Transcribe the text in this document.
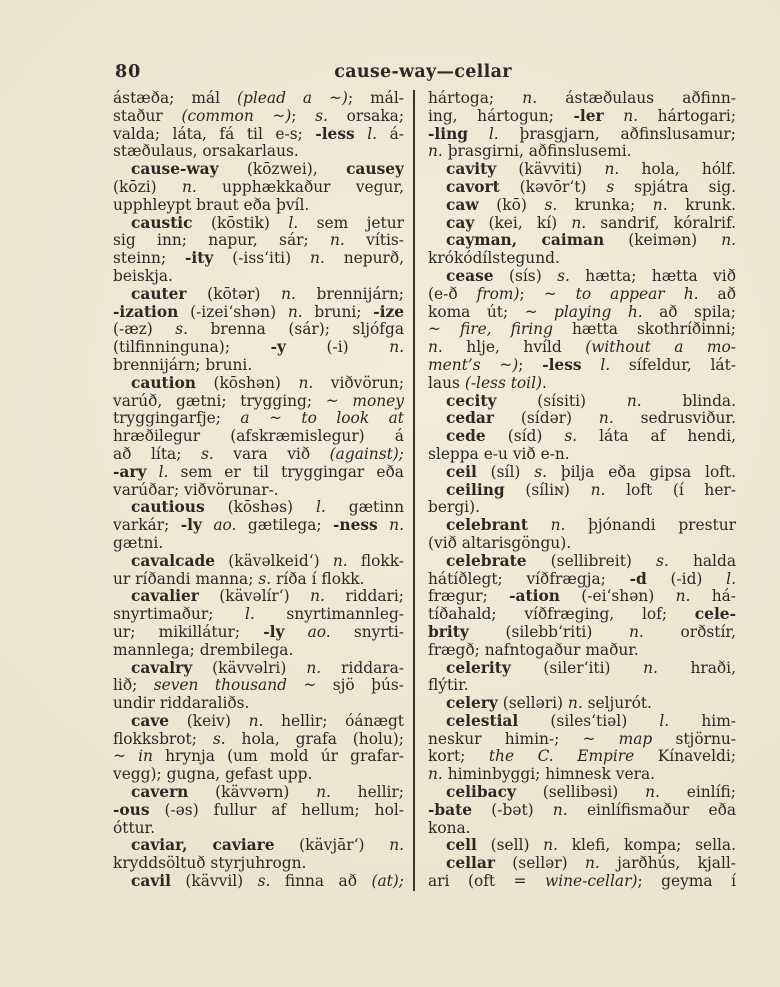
80	cause-way—cellar
ástæða; mál (plead a ~); mál-
staður (common ~); s. orsaka;
valda; láta, fá til e-s; -less l. á-
stæðulaus, orsakarlaus.
cause-way (kōzwei), causey
(kōzi) n. upphækkaður vegur,
upphleypt braut eða þvíl.
caustic (kōstik) l. sem jetur
sig inn; napur, sár; n. vítis-
steinn; -ity (-iss‘iti) n. nepurð,
beiskja.
cauter (kōtər) n. brennijárn;
-ization (-izei‘shən) n. bruni; -ize
(-æz) s. brenna (sár); sljófga
(tilfinninguna); -y (-i) n.
brennijárn; bruni.
caution (kōshən) n. viðvörun;
varúð, gætni; trygging; ~ money
tryggingarfje; a ~ to look at
hræðilegur (afskræmislegur) á
að líta; s. vara við (against);
-ary l. sem er til tryggingar eða
varúðar; viðvörunar-.
cautious (kōshəs) l. gætinn
varkár; -ly ao. gætilega; -ness n.
gætni.
cavalcade (kävəlkeid‘) n. flokk-
ur ríðandi manna; s. ríða í flokk.
cavalier (kävəlír‘) n. riddari;
snyrtimaður; l. snyrtimannleg-
ur; mikillátur; -ly ao. snyrti-
mannlega; drembilega.
cavalry (kävvəlri) n. riddara-
lið; seven thousand ~ sjö þús-
undir riddaraliðs.
cave (keiv) n. hellir; óánægt
flokksbrot; s. hola, grafa (holu);
~ in hrynja (um mold úr grafar-
vegg); gugna, gefast upp.
cavern (kävvərn) n. hellir;
-ous (-əs) fullur af hellum; hol-
óttur.
caviar, caviare (kävjār‘) n.
kryddsöltuð styrjuhrogn.
cavil (kävvil) s. finna að (at);
hártoga; n. ástæðulaus aðfinn-
ing, hártogun; -ler n. hártogari;
-ling l. þrasgjarn, aðfinslusamur;
n. þrasgirni, aðfinslusemi.
cavity (kävviti) n. hola, hólf.
cavort (kəvōr‘t) s spjátra sig.
caw (kō) s. krunka; n. krunk.
cay (kei, kí) n. sandrif, kóralrif.
cayman, caiman (keimən) n.
krókódílstegund.
cease (sís) s. hætta; hætta við
(e-ð from); ~ to appear h. að
koma út; ~ playing h. að spila;
~ fire, firing hætta skothríðinni;
n. hlje, hvíld (without a mo-
ment’s ~); -less l. sífeldur, lát-
laus (-less toil).
cecity (sísiti) n. blinda.
cedar (sídər) n. sedrusviður.
cede (síd) s. láta af hendi,
sleppa e-u við e-n.
ceil (síl) s. þilja eða gipsa loft.
ceiling (síliɴ) n. loft (í her-
bergi).
celebrant n. þjónandi prestur
(við altarisgöngu).
celebrate (sellibreit) s. halda
hátíðlegt; víðfrægja; -d (-id) l.
frægur; -ation (-ei‘shən) n. há-
tíðahald; víðfræging, lof; cele-
brity (silebb‘riti) n. orðstír,
frægð; nafntogaður maður.
celerity (siler‘iti) n. hraði,
flýtir.
celery (selləri) n. seljurót.
celestial (siles‘tiəl) l. him-
neskur himin-; ~ map stjörnu-
kort; the C. Empire Kínaveldi;
n. himinbyggi; himnesk vera.
celibacy (sellibəsi) n. einlífi;
-bate (-bət) n. einlífismaður eða
kona.
cell (sell) n. klefi, kompa; sella.
cellar (sellər) n. jarðhús, kjall-
ari (oft = wine-cellar); geyma í
